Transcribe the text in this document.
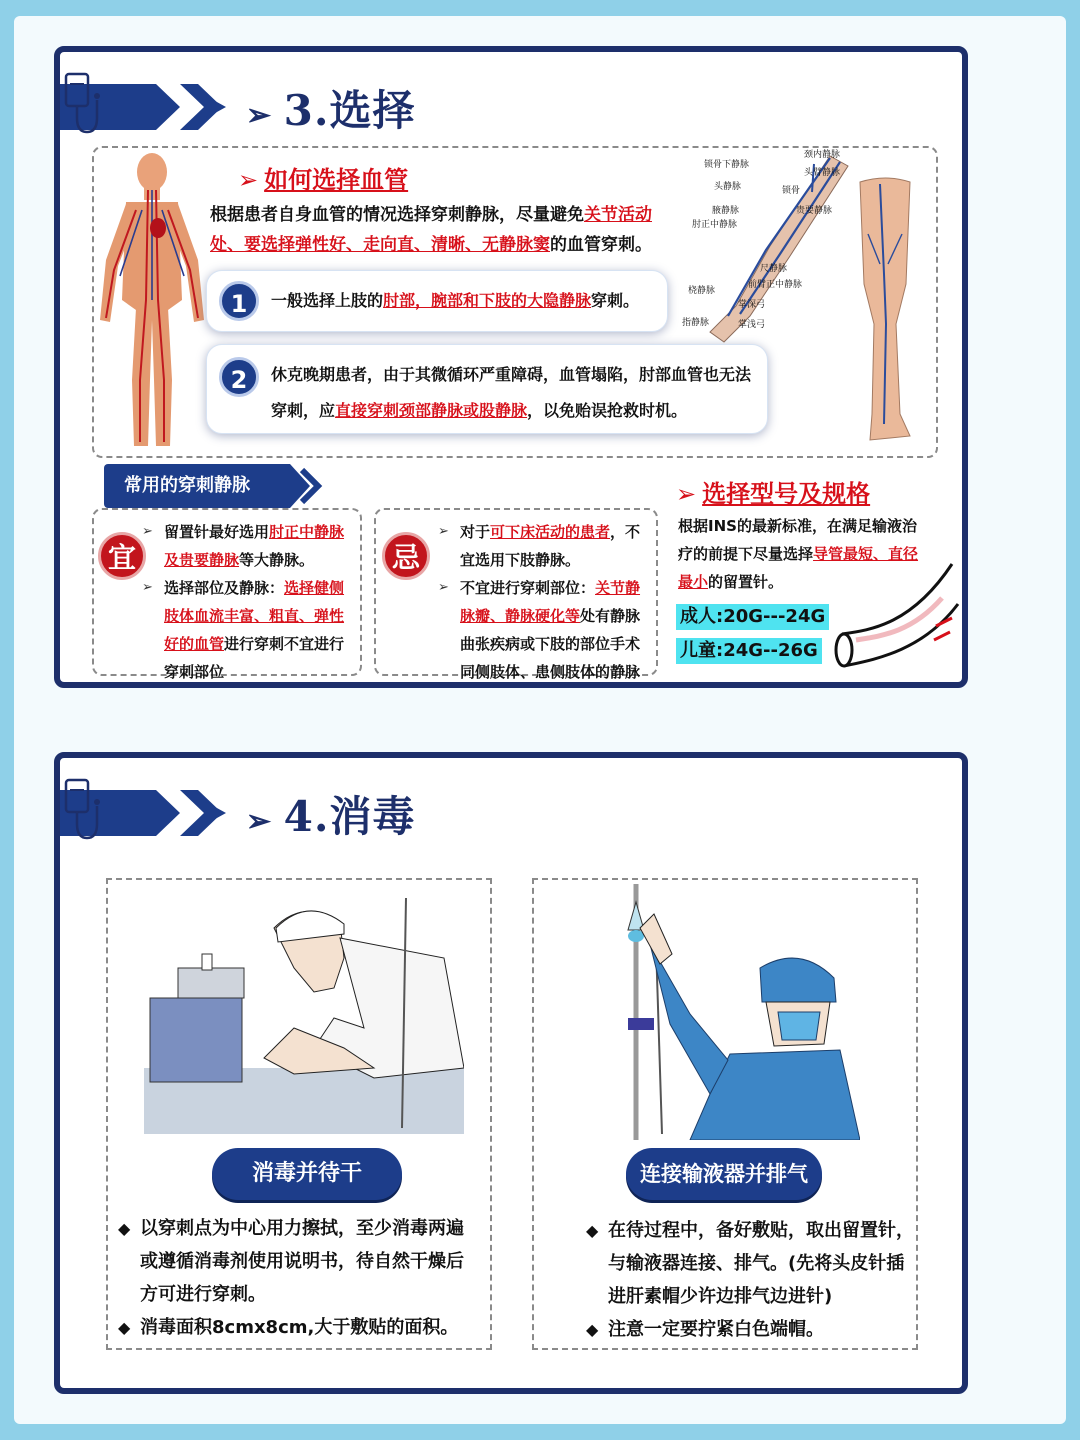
➢ 3.选择
➢ 如何选择血管
根据患者自身血管的情况选择穿刺静脉，尽量避免关节活动处、要选择弹性好、走向直、清晰、无静脉窦的血管穿刺。
1	一般选择上肢的肘部，腕部和下肢的大隐静脉穿刺。
2	休克晚期患者，由于其微循环严重障碍，血管塌陷，肘部血管也无法穿刺，应直接穿刺颈部静脉或股静脉，以免贻误抢救时机。
锁骨下静脉
头静脉
贵要静脉
肘正中静脉
桡静脉
指静脉
腋静脉
锁骨
颈内静脉
头臂静脉
尺静脉
前臂正中静脉
掌深弓
掌浅弓
常用的穿刺静脉
宜
➢ 留置针最好选用肘正中静脉及贵要静脉等大静脉。
➢ 选择部位及静脉：选择健侧肢体血流丰富、粗直、弹性好的血管进行穿刺不宜进行穿刺部位
忌
➢ 对于可下床活动的患者，不宜选用下肢静脉。
➢ 不宜进行穿刺部位：关节静脉瓣、静脉硬化等处有静脉曲张疾病或下肢的部位手术同侧肢体、患侧肢体的静脉
➢ 选择型号及规格
根据INS的最新标准，在满足输液治疗的前提下尽量选择导管最短、直径最小的留置针。
成人:20G---24G
儿童:24G--26G
➢ 4.消毒
消毒并待干
◆ 以穿刺点为中心用力擦拭，至少消毒两遍或遵循消毒剂使用说明书，待自然干燥后方可进行穿刺。
◆ 消毒面积8cmx8cm,大于敷贴的面积。
连接输液器并排气
◆ 在待过程中，备好敷贴，取出留置针，与输液器连接、排气。(先将头皮针插进肝素帽少许边排气边进针)
◆ 注意一定要拧紧白色端帽。
